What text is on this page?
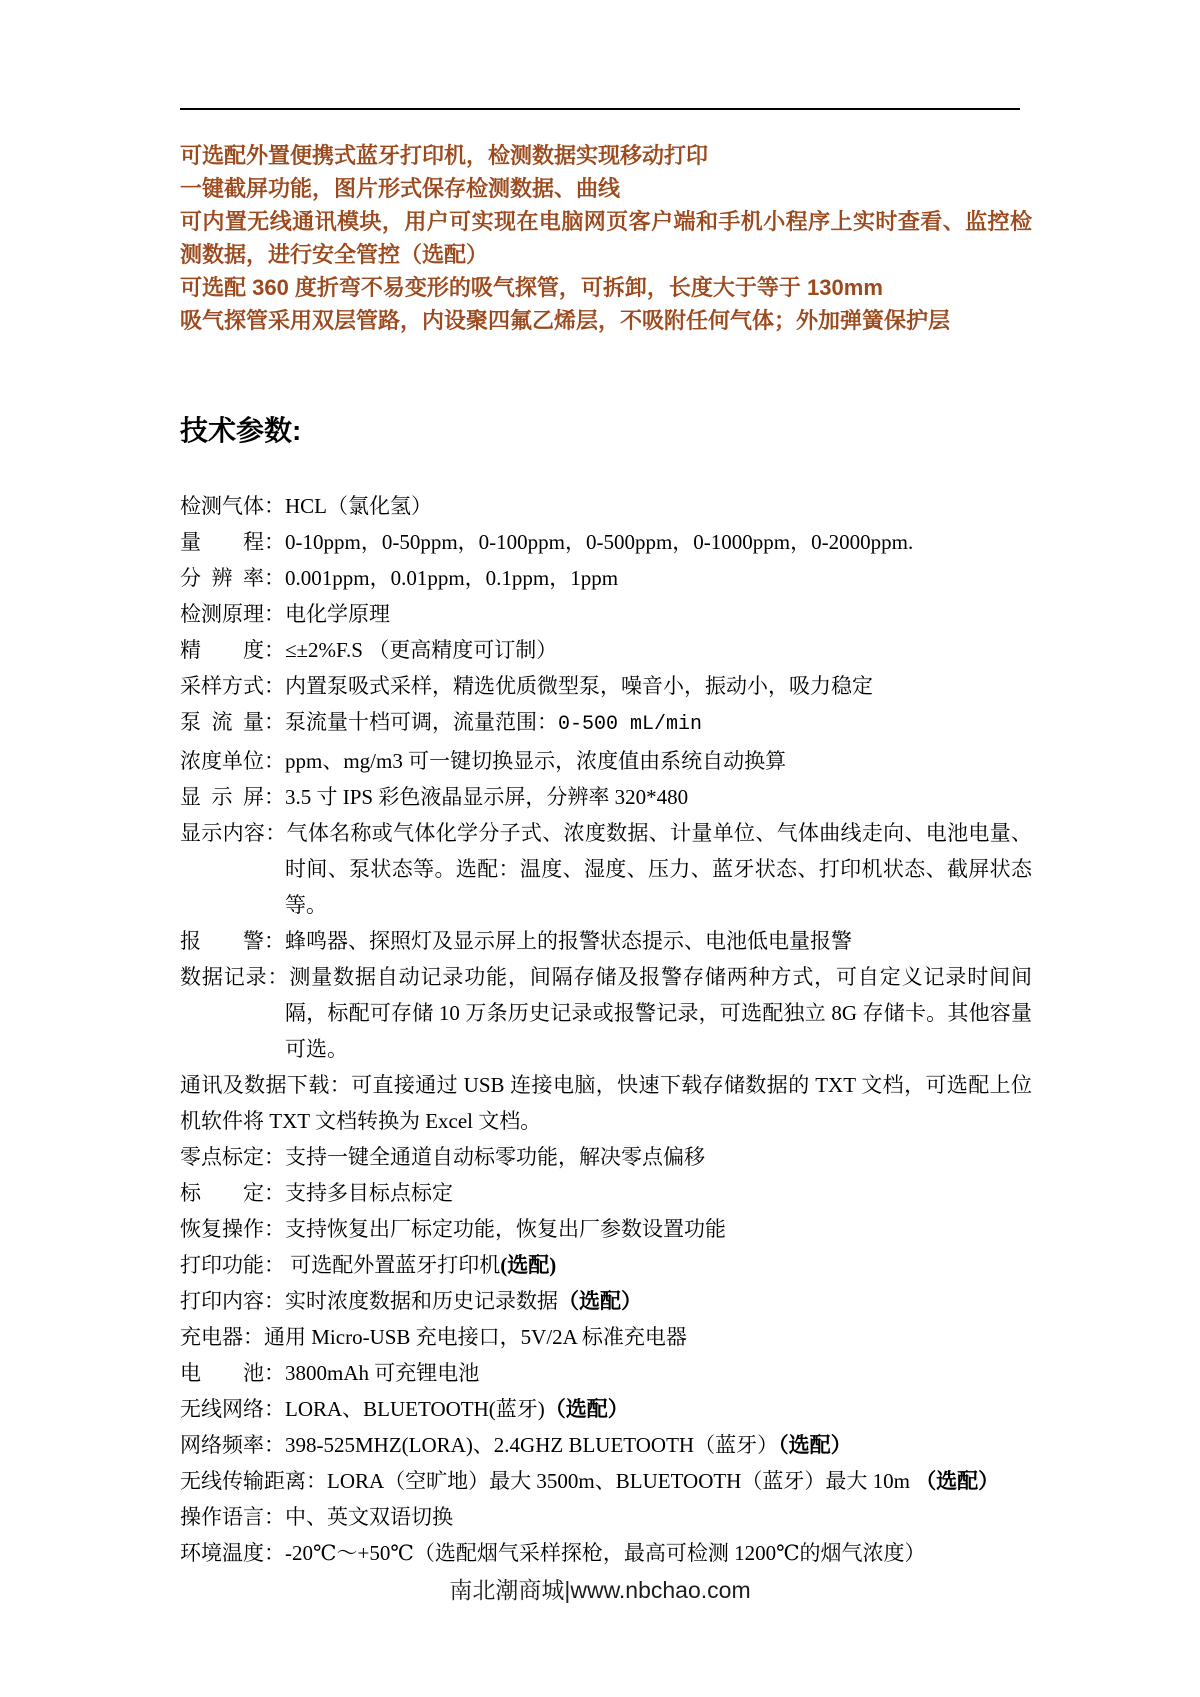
可选配外置便携式蓝牙打印机，检测数据实现移动打印

一键截屏功能，图片形式保存检测数据、曲线

可内置无线通讯模块，用户可实现在电脑网页客户端和手机小程序上实时查看、监控检测数据，进行安全管控（选配）

可选配 360 度折弯不易变形的吸气探管，可拆卸，长度大于等于 130mm

吸气探管采用双层管路，内设聚四氟乙烯层，不吸附任何气体；外加弹簧保护层

技术参数:

检测气体：HCL（氯化氢）

量　　程：0-10ppm，0-50ppm，0-100ppm，0-500ppm，0-1000ppm，0-2000ppm.

分 辨 率：0.001ppm，0.01ppm，0.1ppm，1ppm

检测原理：电化学原理

精　　度：≤±2%F.S （更高精度可订制）

采样方式：内置泵吸式采样，精选优质微型泵，噪音小，振动小，吸力稳定

泵 流 量：泵流量十档可调，流量范围：0-500 mL/min

浓度单位：ppm、mg/m3 可一键切换显示，浓度值由系统自动换算

显 示 屏：3.5 寸 IPS 彩色液晶显示屏，分辨率 320*480

显示内容：气体名称或气体化学分子式、浓度数据、计量单位、气体曲线走向、电池电量、时间、泵状态等。选配：温度、湿度、压力、蓝牙状态、打印机状态、截屏状态等。

报　　警：蜂鸣器、探照灯及显示屏上的报警状态提示、电池低电量报警

数据记录：测量数据自动记录功能，间隔存储及报警存储两种方式，可自定义记录时间间隔，标配可存储 10 万条历史记录或报警记录，可选配独立 8G 存储卡。其他容量可选。

通讯及数据下载：可直接通过 USB 连接电脑，快速下载存储数据的 TXT 文档，可选配上位机软件将 TXT 文档转换为 Excel 文档。

零点标定：支持一键全通道自动标零功能，解决零点偏移

标　　定：支持多目标点标定

恢复操作：支持恢复出厂标定功能，恢复出厂参数设置功能

打印功能： 可选配外置蓝牙打印机(选配)

打印内容：实时浓度数据和历史记录数据（选配）

充电器：通用 Micro-USB 充电接口，5V/2A 标准充电器

电　　池：3800mAh 可充锂电池

无线网络：LORA、BLUETOOTH(蓝牙)（选配）

网络频率：398-525MHZ(LORA)、2.4GHZ BLUETOOTH（蓝牙）（选配）

无线传输距离：LORA（空旷地）最大 3500m、BLUETOOTH（蓝牙）最大 10m （选配）

操作语言：中、英文双语切换

环境温度：-20℃～+50℃（选配烟气采样探枪，最高可检测 1200℃的烟气浓度）

南北潮商城|www.nbchao.com
